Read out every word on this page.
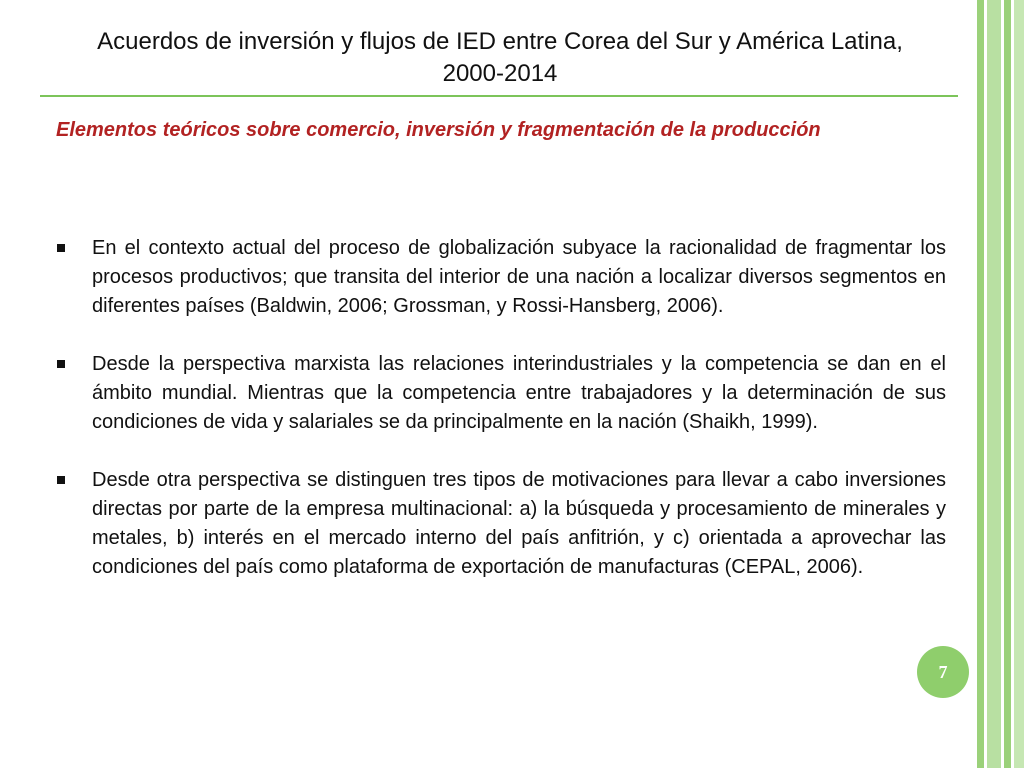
Acuerdos de inversión y flujos de IED entre Corea del Sur y América Latina,
2000-2014
Elementos teóricos sobre comercio, inversión y fragmentación de la producción
En el contexto actual del proceso de globalización subyace la racionalidad de fragmentar los procesos productivos; que transita del interior de una nación a localizar diversos segmentos en diferentes países (Baldwin, 2006; Grossman, y Rossi-Hansberg, 2006).
Desde la perspectiva marxista las relaciones interindustriales y la competencia se dan en el ámbito mundial. Mientras que la competencia entre trabajadores y la determinación de sus condiciones de vida y salariales se da principalmente en la nación (Shaikh, 1999).
Desde otra perspectiva se distinguen tres tipos de motivaciones para llevar a cabo inversiones directas por parte de la empresa multinacional: a) la búsqueda y procesamiento de minerales y metales, b) interés en el mercado interno del país anfitrión, y c) orientada a aprovechar las condiciones del país como plataforma de exportación de manufacturas (CEPAL, 2006).
7
